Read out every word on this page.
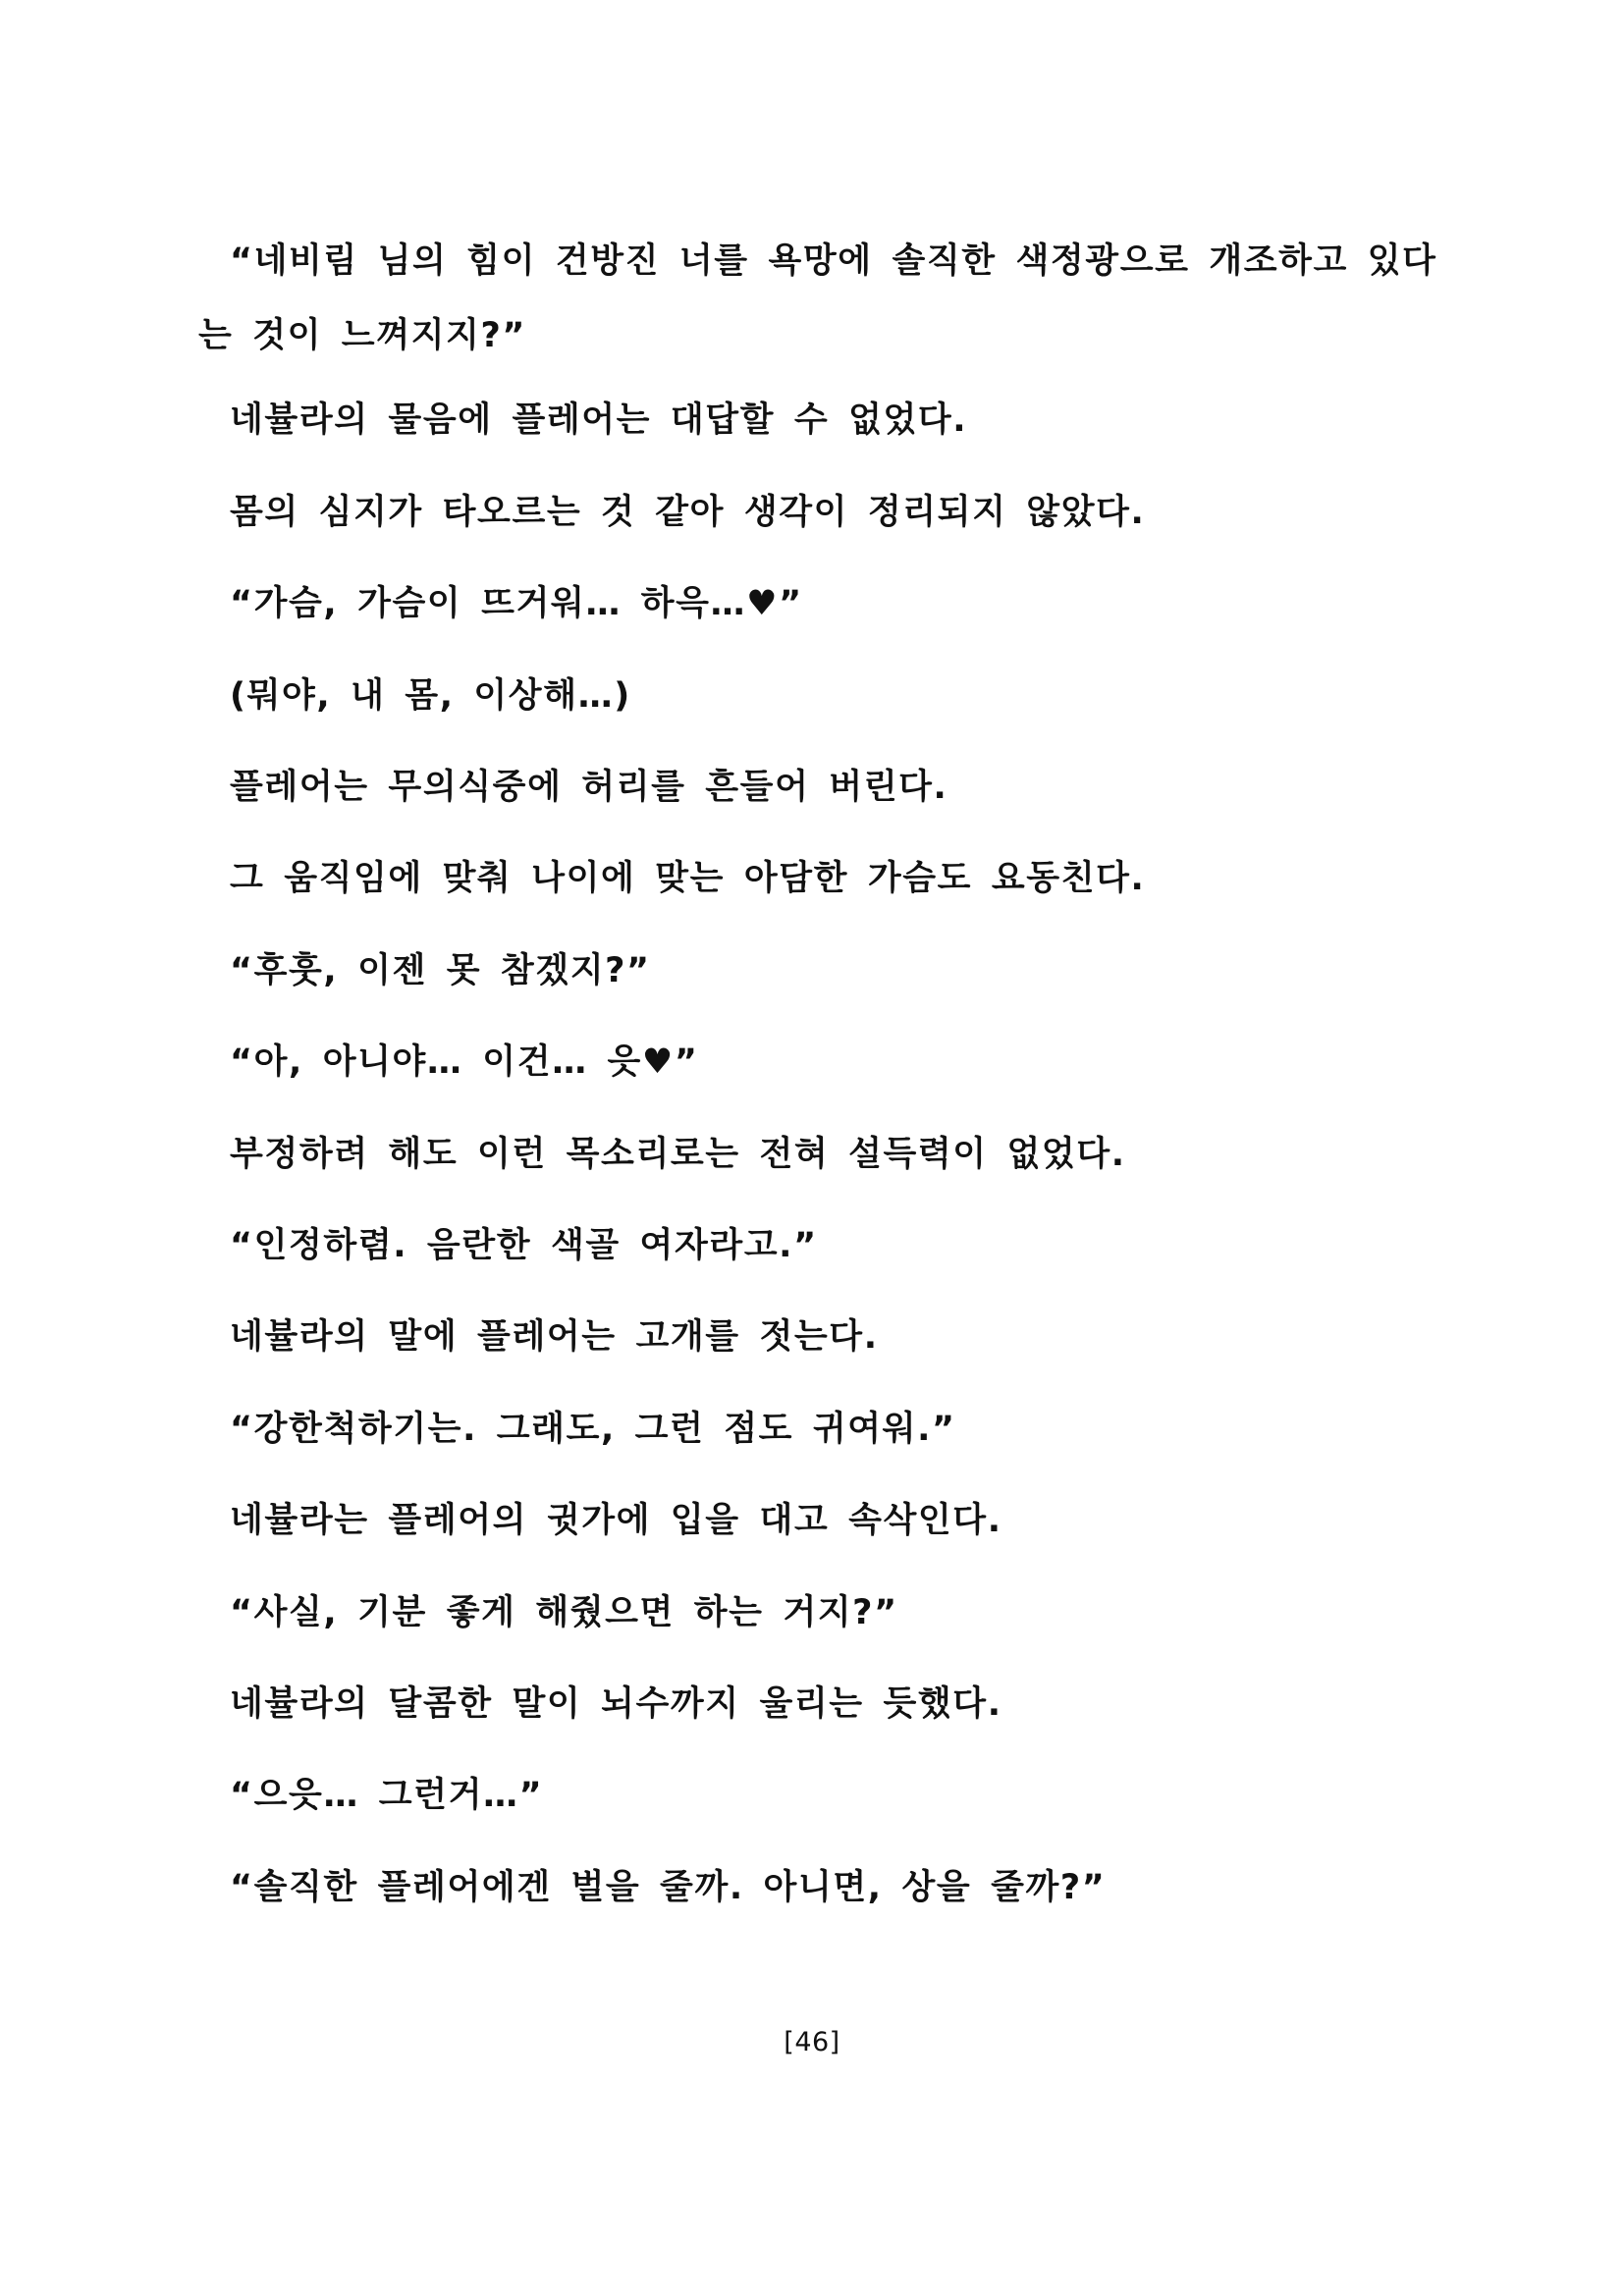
“네비림 님의 힘이 건방진 너를 욕망에 솔직한 색정광으로 개조하고 있다는 것이 느껴지지?”

네뷸라의 물음에 플레어는 대답할 수 없었다.

몸의 심지가 타오르는 것 같아 생각이 정리되지 않았다.

“가슴, 가슴이 뜨거워… 하윽…♥”

(뭐야, 내 몸, 이상해…)

플레어는 무의식중에 허리를 흔들어 버린다.

그 움직임에 맞춰 나이에 맞는 아담한 가슴도 요동친다.

“후훗, 이젠 못 참겠지?”

“아, 아니야… 이건… 읏♥”

부정하려 해도 이런 목소리로는 전혀 설득력이 없었다.

“인정하렴. 음란한 색골 여자라고.”

네뷸라의 말에 플레어는 고개를 젓는다.

“강한척하기는. 그래도, 그런 점도 귀여워.”

네뷸라는 플레어의 귓가에 입을 대고 속삭인다.

“사실, 기분 좋게 해줬으면 하는 거지?”

네뷸라의 달콤한 말이 뇌수까지 울리는 듯했다.

“으읏… 그런거…”

“솔직한 플레어에겐 벌을 줄까. 아니면, 상을 줄까?”

[46]
